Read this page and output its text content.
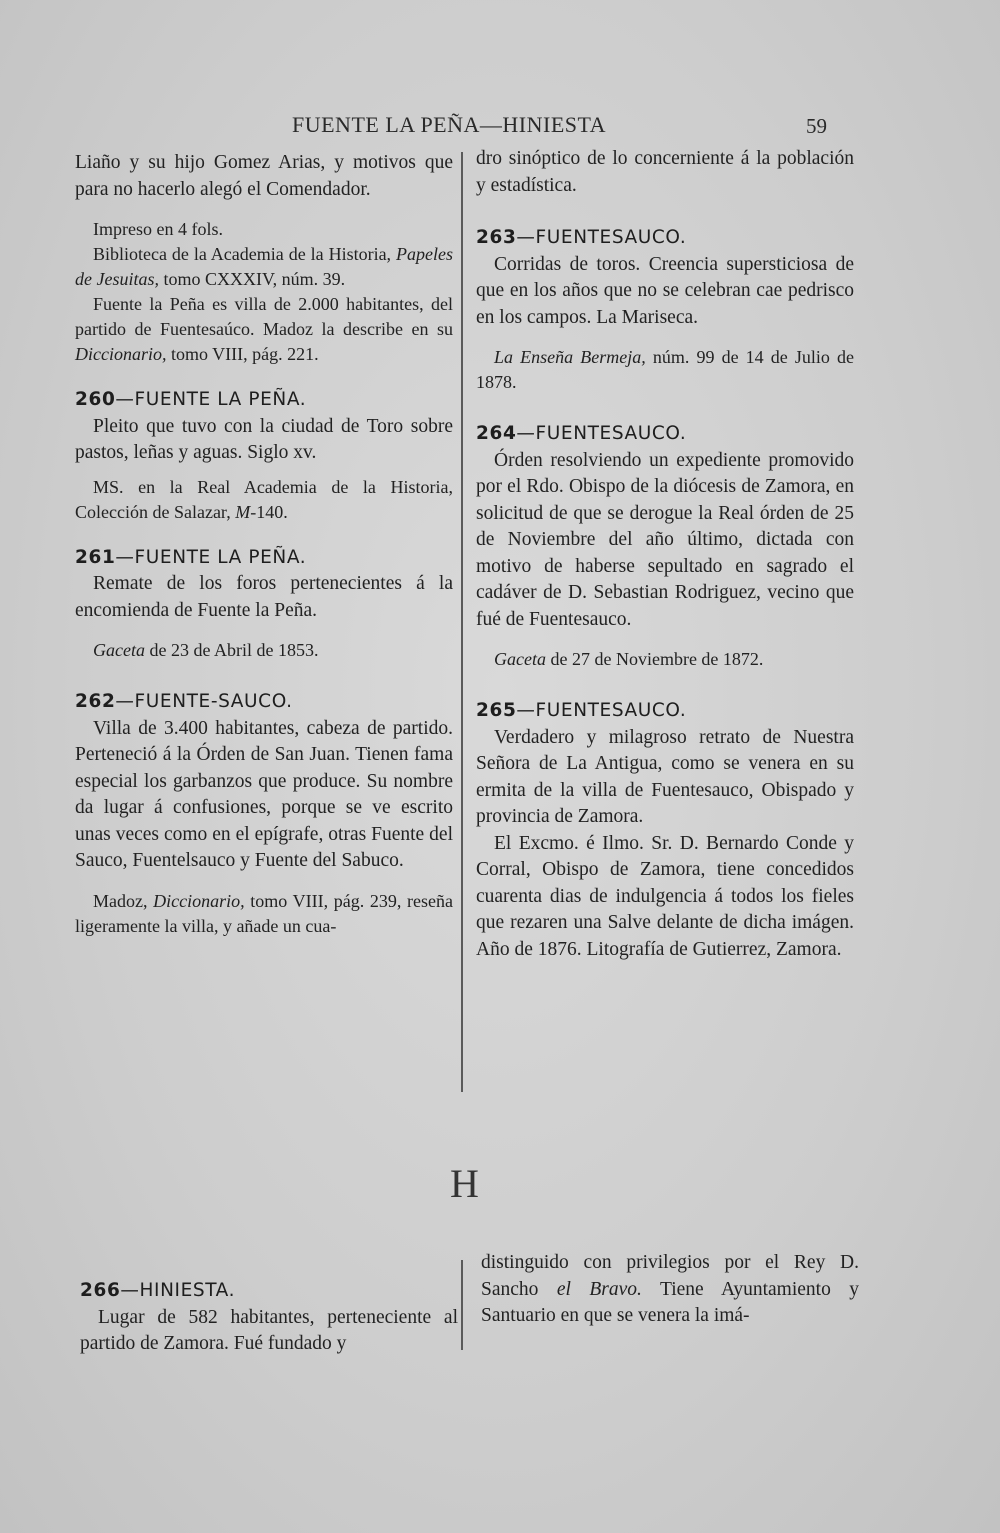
FUENTE LA PEÑA—HINIESTA	59

Liaño y su hijo Gomez Arias, y motivos que para no hacerlo alegó el Comendador.

Impreso en 4 fols.

Biblioteca de la Academia de la Historia, Papeles de Jesuitas, tomo CXXXIV, núm. 39.

Fuente la Peña es villa de 2.000 habitantes, del partido de Fuentesaúco. Madoz la describe en su Diccionario, tomo VIII, pág. 221.

260—FUENTE LA PEÑA.

Pleito que tuvo con la ciudad de Toro sobre pastos, leñas y aguas. Siglo xv.

MS. en la Real Academia de la Historia, Colección de Salazar, M-140.

261—FUENTE LA PEÑA.

Remate de los foros pertenecientes á la encomienda de Fuente la Peña.

Gaceta de 23 de Abril de 1853.

262—FUENTE-SAUCO.

Villa de 3.400 habitantes, cabeza de partido. Perteneció á la Órden de San Juan. Tienen fama especial los garbanzos que produce. Su nombre da lugar á confusiones, porque se ve escrito unas veces como en el epígrafe, otras Fuente del Sauco, Fuentelsauco y Fuente del Sabuco.

Madoz, Diccionario, tomo VIII, pág. 239, reseña ligeramente la villa, y añade un cua-

dro sinóptico de lo concerniente á la población y estadística.

263—FUENTESAUCO.

Corridas de toros. Creencia supersticiosa de que en los años que no se celebran cae pedrisco en los campos. La Mariseca.

La Enseña Bermeja, núm. 99 de 14 de Julio de 1878.

264—FUENTESAUCO.

Órden resolviendo un expediente promovido por el Rdo. Obispo de la diócesis de Zamora, en solicitud de que se derogue la Real órden de 25 de Noviembre del año último, dictada con motivo de haberse sepultado en sagrado el cadáver de D. Sebastian Rodriguez, vecino que fué de Fuentesauco.

Gaceta de 27 de Noviembre de 1872.

265—FUENTESAUCO.

Verdadero y milagroso retrato de Nuestra Señora de La Antigua, como se venera en su ermita de la villa de Fuentesauco, Obispado y provincia de Zamora.

El Excmo. é Ilmo. Sr. D. Bernardo Conde y Corral, Obispo de Zamora, tiene concedidos cuarenta dias de indulgencia á todos los fieles que rezaren una Salve delante de dicha imágen. Año de 1876. Litografía de Gutierrez, Zamora.

H
266—HINIESTA.

Lugar de 582 habitantes, perteneciente al partido de Zamora. Fué fundado y

distinguido con privilegios por el Rey D. Sancho el Bravo. Tiene Ayuntamiento y Santuario en que se venera la imá-
